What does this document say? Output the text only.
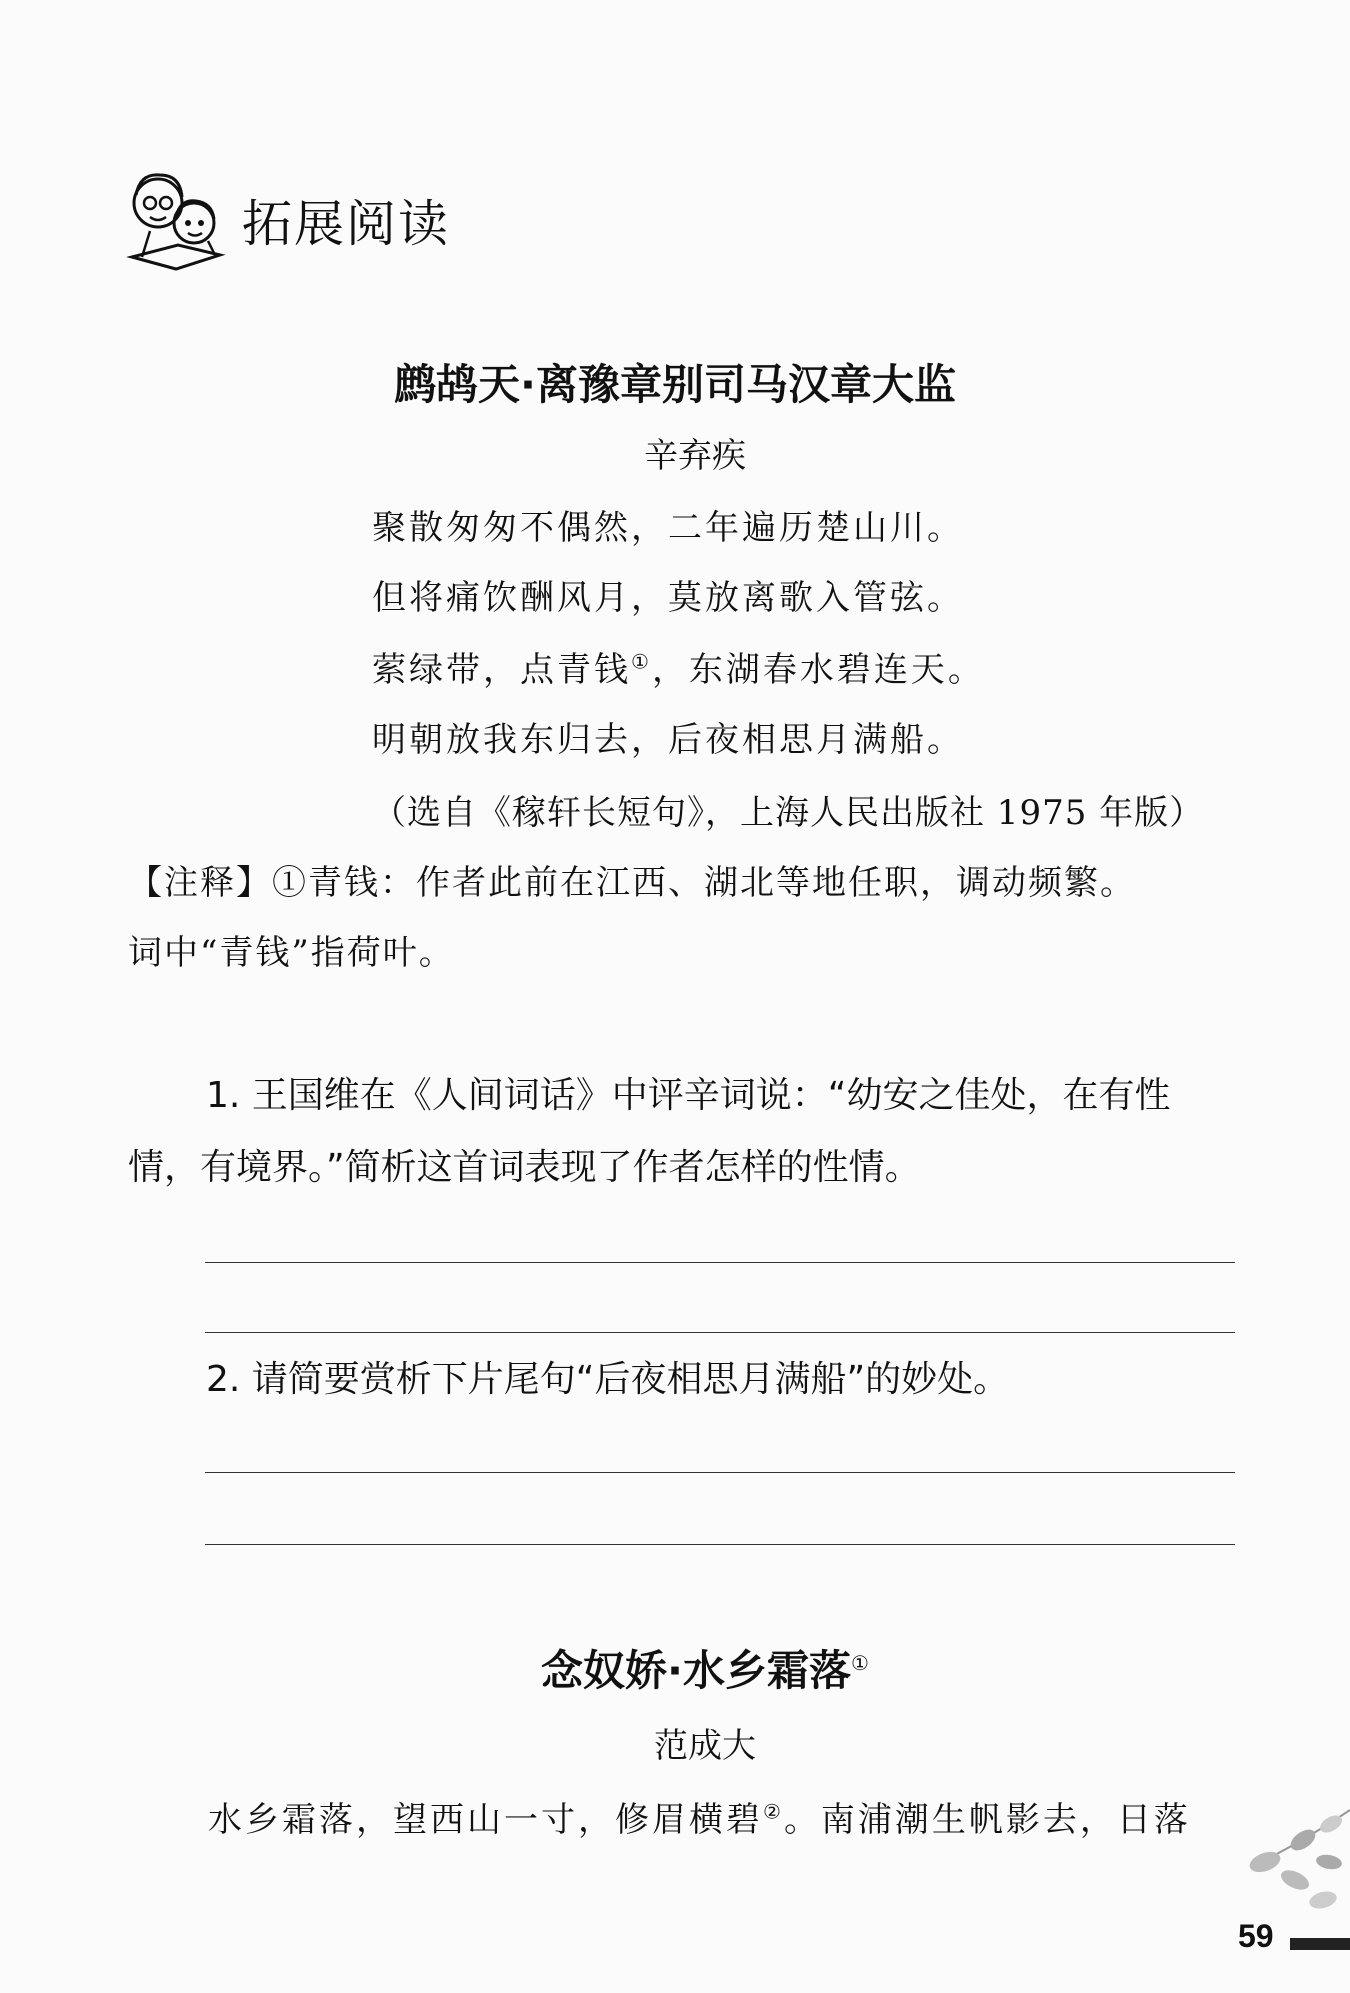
拓展阅读
鹧鸪天·离豫章别司马汉章大监
辛弃疾
聚散匆匆不偶然，二年遍历楚山川。
但将痛饮酬风月，莫放离歌入管弦。
萦绿带，点青钱①，东湖春水碧连天。
明朝放我东归去，后夜相思月满船。
（选自《稼轩长短句》，上海人民出版社 1975 年版）
【注释】①青钱：作者此前在江西、湖北等地任职，调动频繁。
词中“青钱”指荷叶。
1. 王国维在《人间词话》中评辛词说：“幼安之佳处，在有性
情，有境界。”简析这首词表现了作者怎样的性情。
2. 请简要赏析下片尾句“后夜相思月满船”的妙处。
念奴娇·水乡霜落①
范成大
水乡霜落，望西山一寸，修眉横碧②。南浦潮生帆影去，日落
59
